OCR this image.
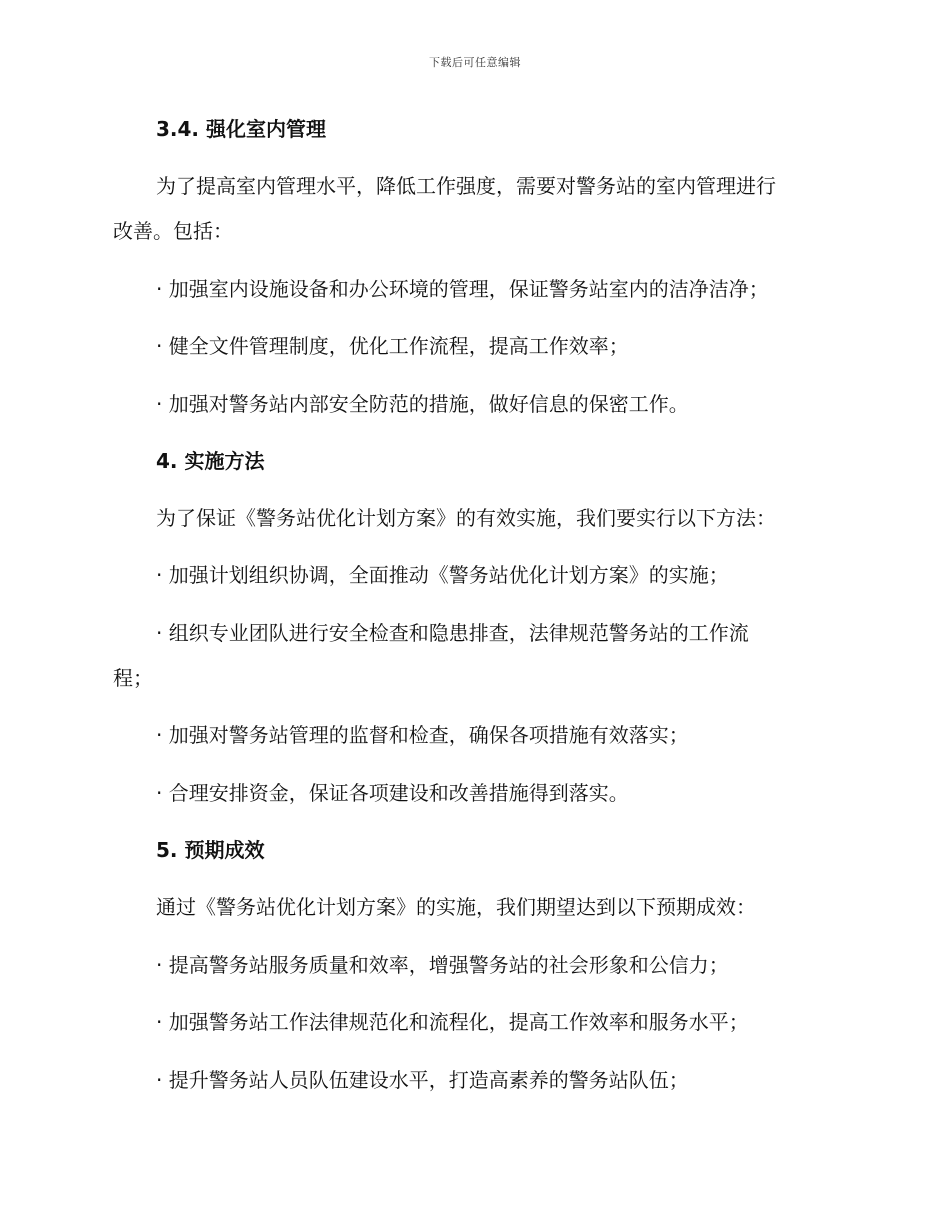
下载后可任意编辑
3.4. 强化室内管理
为了提高室内管理水平，降低工作强度，需要对警务站的室内管理进行
改善。包括：
· 加强室内设施设备和办公环境的管理，保证警务站室内的洁净洁净；
· 健全文件管理制度，优化工作流程，提高工作效率；
· 加强对警务站内部安全防范的措施，做好信息的保密工作。
4. 实施方法
为了保证《警务站优化计划方案》的有效实施，我们要实行以下方法：
· 加强计划组织协调，全面推动《警务站优化计划方案》的实施；
· 组织专业团队进行安全检查和隐患排查，法律规范警务站的工作流
程；
· 加强对警务站管理的监督和检查，确保各项措施有效落实；
· 合理安排资金，保证各项建设和改善措施得到落实。
5. 预期成效
通过《警务站优化计划方案》的实施，我们期望达到以下预期成效：
· 提高警务站服务质量和效率，增强警务站的社会形象和公信力；
· 加强警务站工作法律规范化和流程化，提高工作效率和服务水平；
· 提升警务站人员队伍建设水平，打造高素养的警务站队伍；
